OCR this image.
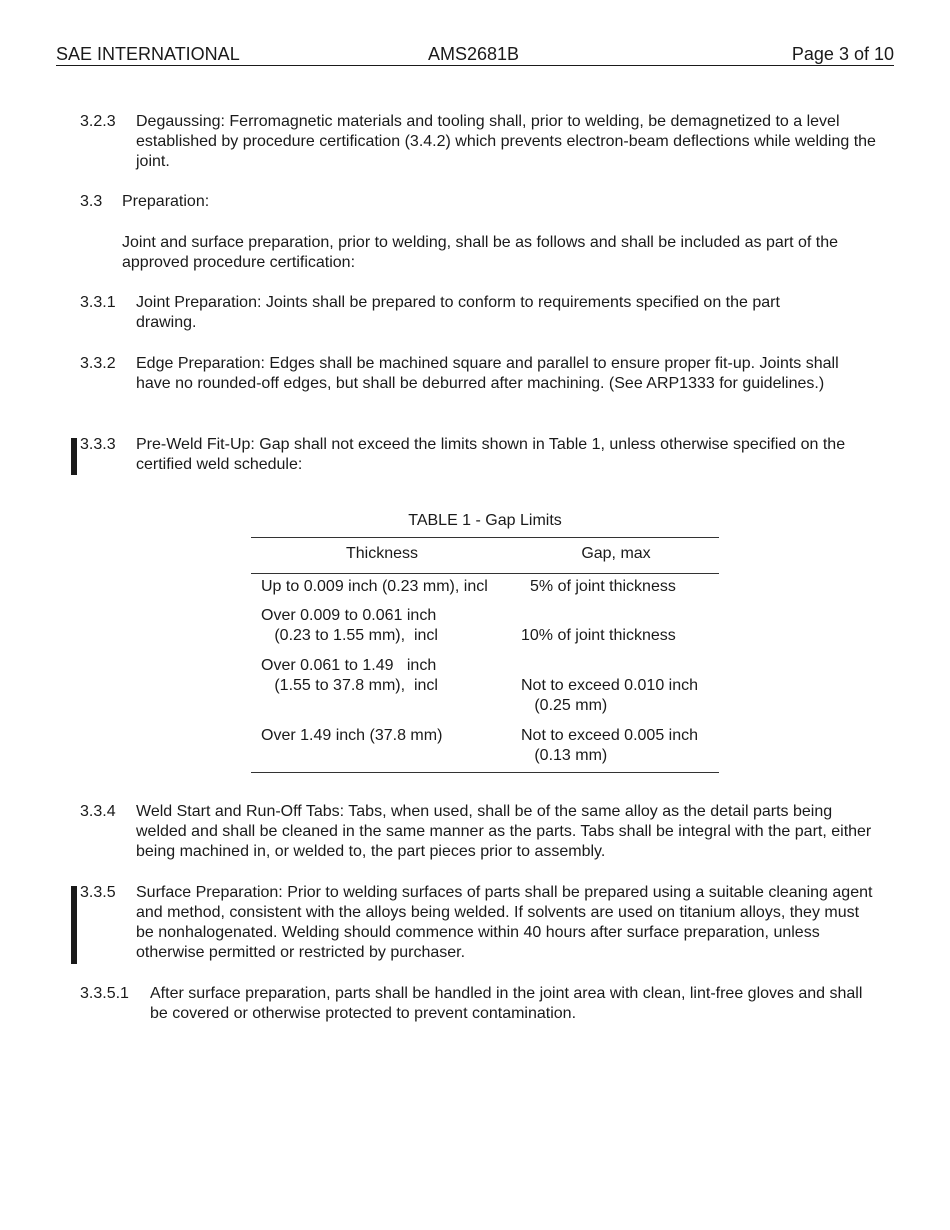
SAE INTERNATIONAL	AMS2681B	Page 3 of 10
3.2.3 Degaussing: Ferromagnetic materials and tooling shall, prior to welding, be demagnetized to a level established by procedure certification (3.4.2) which prevents electron-beam deflections while welding the joint.
3.3 Preparation:
Joint and surface preparation, prior to welding, shall be as follows and shall be included as part of the approved procedure certification:
3.3.1 Joint Preparation: Joints shall be prepared to conform to requirements specified on the part drawing.
3.3.2 Edge Preparation: Edges shall be machined square and parallel to ensure proper fit-up. Joints shall have no rounded-off edges, but shall be deburred after machining. (See ARP1333 for guidelines.)
3.3.3 Pre-Weld Fit-Up: Gap shall not exceed the limits shown in Table 1, unless otherwise specified on the certified weld schedule:
TABLE 1 - Gap Limits
Thickness	Gap, max
Up to 0.009 inch (0.23 mm), incl	5% of joint thickness
Over 0.009 to 0.061 inch
(0.23 to 1.55 mm),  incl	10% of joint thickness
Over 0.061 to 1.49   inch
(1.55 to 37.8 mm),  incl	Not to exceed 0.010 inch
(0.25 mm)
Over 1.49 inch (37.8 mm)	Not to exceed 0.005 inch
(0.13 mm)
3.3.4 Weld Start and Run-Off Tabs: Tabs, when used, shall be of the same alloy as the detail parts being welded and shall be cleaned in the same manner as the parts. Tabs shall be integral with the part, either being machined in, or welded to, the part pieces prior to assembly.
3.3.5 Surface Preparation: Prior to welding surfaces of parts shall be prepared using a suitable cleaning agent and method, consistent with the alloys being welded. If solvents are used on titanium alloys, they must be nonhalogenated. Welding should commence within 40 hours after surface preparation, unless otherwise permitted or restricted by purchaser.
3.3.5.1 After surface preparation, parts shall be handled in the joint area with clean, lint-free gloves and shall be covered or otherwise protected to prevent contamination.
